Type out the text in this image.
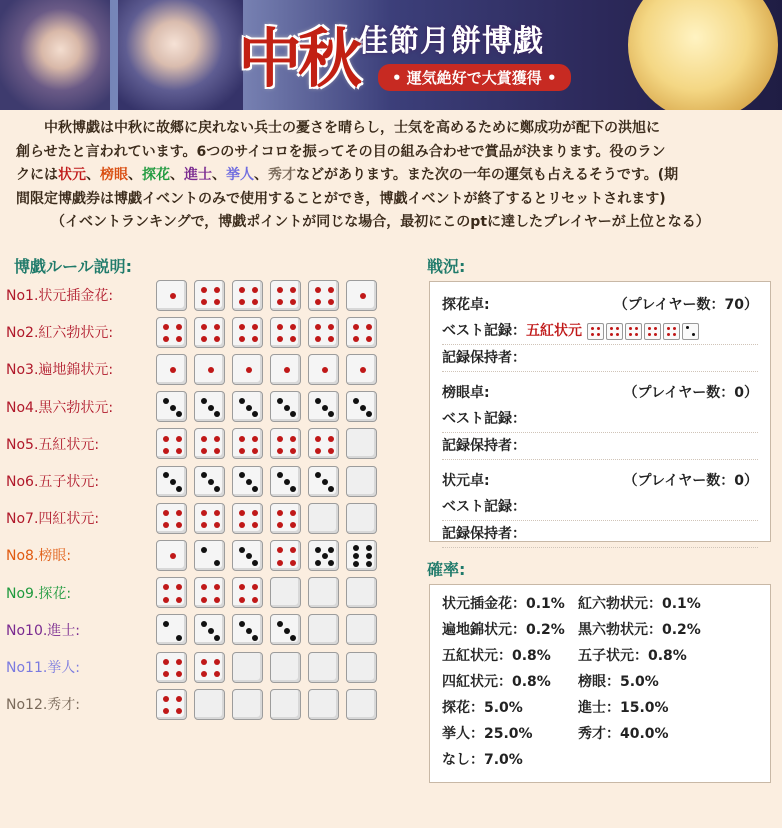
中秋 佳節月餅博戯
• 運気絶好で大賞獲得 •

中秋博戯は中秋に故郷に戻れない兵士の憂さを晴らし，士気を高めるために鄭成功が配下の洪旭に

創らせたと言われています。6つのサイコロを振ってその目の組み合わせで賞品が決まります。役のラン

クには状元、榜眼、探花、進士、挙人、秀才などがあります。また次の一年の運気も占えるそうです。(期

間限定博戯券は博戯イベントのみで使用することができ，博戯イベントが終了するとリセットされます)

（イベントランキングで，博戯ポイントが同じな場合，最初にこのptに達したプレイヤーが上位となる）

博戯ルール説明:
No1.状元插金花:
No2.紅六勃状元:
No3.遍地錦状元:
No4.黒六勃状元:
No5.五紅状元:
No6.五子状元:
No7.四紅状元:
No8.榜眼:
No9.探花:
No10.進士:
No11.挙人:
No12.秀才:
戦況:
探花卓:	（プレイヤー数：70）
ベスト記録： 五紅状元
記録保持者：
榜眼卓:	（プレイヤー数：0）
ベスト記録：
記録保持者：
状元卓:	（プレイヤー数：0）
ベスト記録：
記録保持者：
確率:
状元插金花：0.1% 紅六勃状元：0.1%
遍地錦状元：0.2% 黒六勃状元：0.2%
五紅状元：0.8% 五子状元：0.8%
四紅状元：0.8% 榜眼：5.0%
探花：5.0%	進士：15.0%
挙人：25.0%	秀才：40.0%
なし：7.0%
